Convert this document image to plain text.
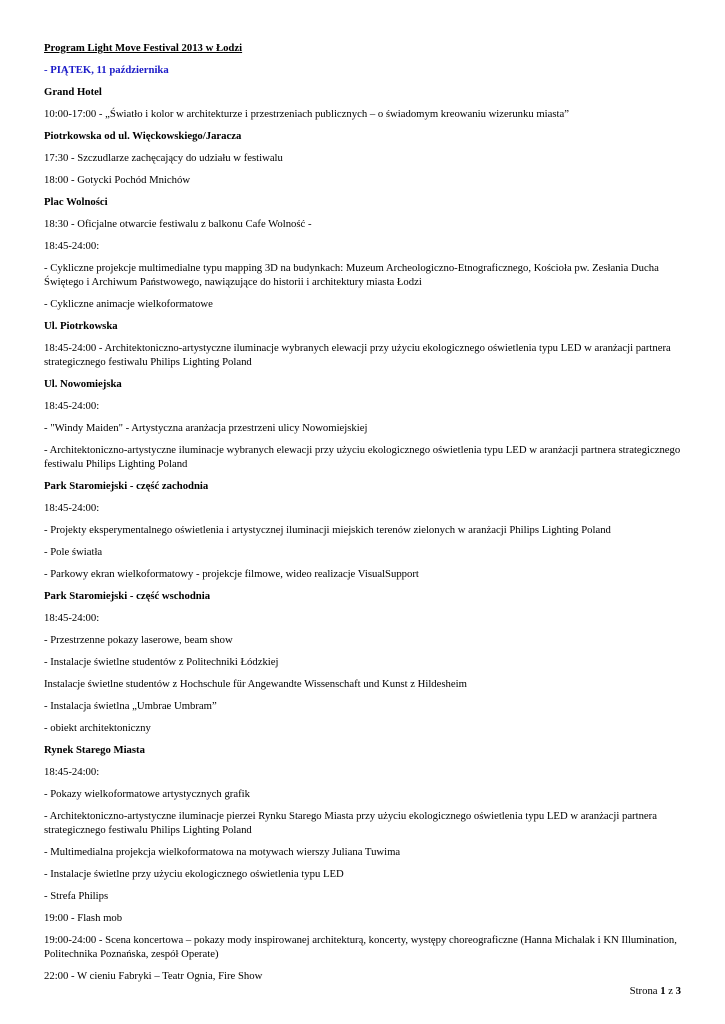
Program Light Move Festival 2013 w Łodzi

- PIĄTEK, 11 października

Grand Hotel

10:00-17:00 - „Światło i kolor w architekturze i przestrzeniach publicznych – o świadomym kreowaniu wizerunku miasta”

Piotrkowska od ul. Więckowskiego/Jaracza

17:30 - Szczudlarze zachęcający do udziału w festiwalu

18:00 - Gotycki Pochód Mnichów

Plac Wolności

18:30 - Oficjalne otwarcie festiwalu z balkonu Cafe Wolność -

18:45-24:00:

- Cykliczne projekcje multimedialne typu mapping 3D na budynkach: Muzeum Archeologiczno-Etnograficznego, Kościoła pw. Zesłania Ducha Świętego i Archiwum Państwowego, nawiązujące do historii i architektury miasta Łodzi

- Cykliczne animacje wielkoformatowe

Ul. Piotrkowska

18:45-24:00 - Architektoniczno-artystyczne iluminacje wybranych elewacji przy użyciu ekologicznego oświetlenia typu LED w aranżacji partnera strategicznego festiwalu Philips Lighting Poland

Ul. Nowomiejska

18:45-24:00:

- "Windy Maiden" - Artystyczna aranżacja przestrzeni ulicy Nowomiejskiej

- Architektoniczno-artystyczne iluminacje wybranych elewacji przy użyciu ekologicznego oświetlenia typu LED w aranżacji partnera strategicznego festiwalu Philips Lighting Poland

Park Staromiejski - część zachodnia

18:45-24:00:

- Projekty eksperymentalnego oświetlenia i artystycznej iluminacji miejskich terenów zielonych w aranżacji Philips Lighting Poland

- Pole światła

- Parkowy ekran wielkoformatowy - projekcje filmowe, wideo realizacje VisualSupport

Park Staromiejski - część wschodnia

18:45-24:00:

- Przestrzenne pokazy laserowe, beam show

- Instalacje świetlne studentów z Politechniki Łódzkiej

Instalacje świetlne studentów z Hochschule für Angewandte Wissenschaft und Kunst z Hildesheim

- Instalacja świetlna „Umbrae Umbram”

- obiekt architektoniczny

Rynek Starego Miasta

18:45-24:00:

- Pokazy wielkoformatowe artystycznych grafik

- Architektoniczno-artystyczne iluminacje pierzei Rynku Starego Miasta przy użyciu ekologicznego oświetlenia typu LED w aranżacji partnera strategicznego festiwalu Philips Lighting Poland

- Multimedialna projekcja wielkoformatowa na motywach wierszy Juliana Tuwima

- Instalacje świetlne przy użyciu ekologicznego oświetlenia typu LED

- Strefa Philips

19:00 - Flash mob

19:00-24:00 - Scena koncertowa – pokazy mody inspirowanej architekturą, koncerty, występy choreograficzne (Hanna Michalak i KN Illumination, Politechnika Poznańska, zespół Operate)

22:00 - W cieniu Fabryki – Teatr Ognia, Fire Show

Strona 1 z 3
